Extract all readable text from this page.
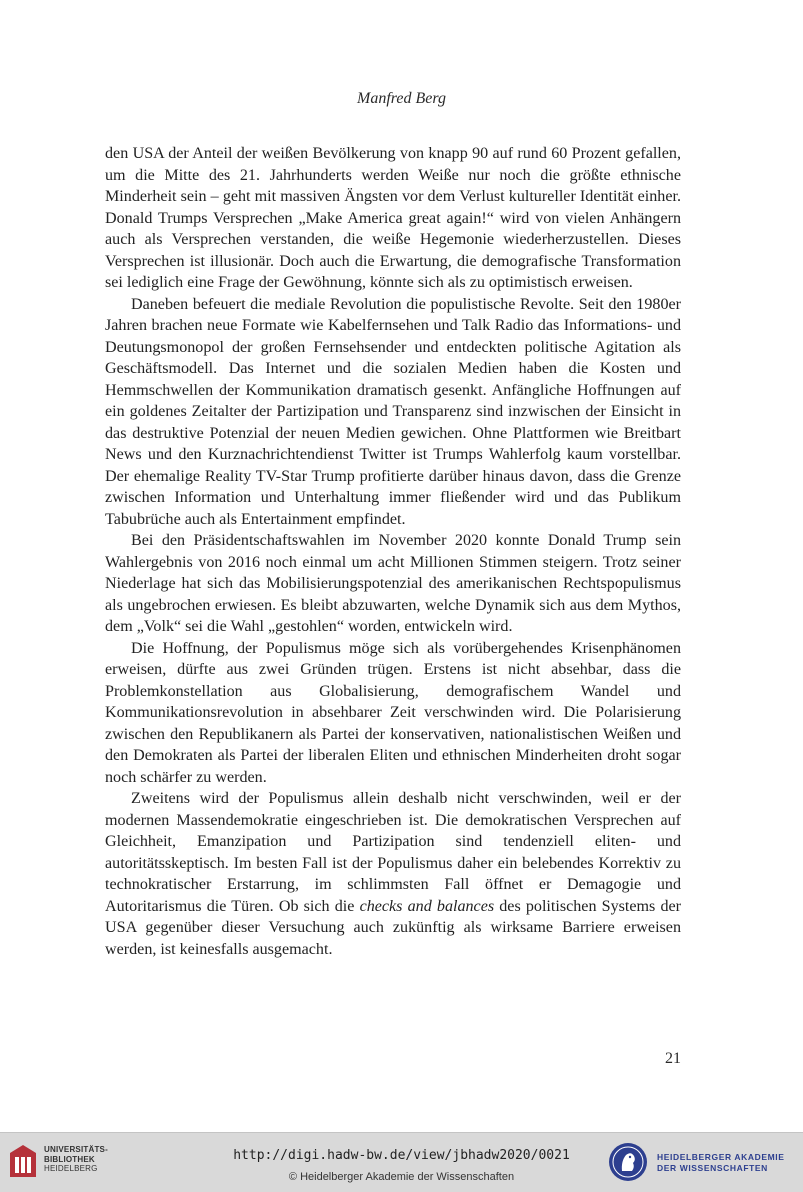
Manfred Berg

den USA der Anteil der weißen Bevölkerung von knapp 90 auf rund 60 Prozent gefallen, um die Mitte des 21. Jahrhunderts werden Weiße nur noch die größte ethnische Minderheit sein – geht mit massiven Ängsten vor dem Verlust kultureller Identität einher. Donald Trumps Versprechen „Make America great again!“ wird von vielen Anhängern auch als Versprechen verstanden, die weiße Hegemonie wiederherzustellen. Dieses Versprechen ist illusionär. Doch auch die Erwartung, die demografische Transformation sei lediglich eine Frage der Gewöhnung, könnte sich als zu optimistisch erweisen.

Daneben befeuert die mediale Revolution die populistische Revolte. Seit den 1980er Jahren brachen neue Formate wie Kabelfernsehen und Talk Radio das Informations- und Deutungsmonopol der großen Fernsehsender und entdeckten politische Agitation als Geschäftsmodell. Das Internet und die sozialen Medien haben die Kosten und Hemmschwellen der Kommunikation dramatisch gesenkt. Anfängliche Hoffnungen auf ein goldenes Zeitalter der Partizipation und Transparenz sind inzwischen der Einsicht in das destruktive Potenzial der neuen Medien gewichen. Ohne Plattformen wie Breitbart News und den Kurznachrichtendienst Twitter ist Trumps Wahlerfolg kaum vorstellbar. Der ehemalige Reality TV-Star Trump profitierte darüber hinaus davon, dass die Grenze zwischen Information und Unterhaltung immer fließender wird und das Publikum Tabubrüche auch als Entertainment empfindet.

Bei den Präsidentschaftswahlen im November 2020 konnte Donald Trump sein Wahlergebnis von 2016 noch einmal um acht Millionen Stimmen steigern. Trotz seiner Niederlage hat sich das Mobilisierungspotenzial des amerikanischen Rechtspopulismus als ungebrochen erwiesen. Es bleibt abzuwarten, welche Dynamik sich aus dem Mythos, dem „Volk“ sei die Wahl „gestohlen“ worden, entwickeln wird.

Die Hoffnung, der Populismus möge sich als vorübergehendes Krisenphänomen erweisen, dürfte aus zwei Gründen trügen. Erstens ist nicht absehbar, dass die Problemkonstellation aus Globalisierung, demografischem Wandel und Kommunikationsrevolution in absehbarer Zeit verschwinden wird. Die Polarisierung zwischen den Republikanern als Partei der konservativen, nationalistischen Weißen und den Demokraten als Partei der liberalen Eliten und ethnischen Minderheiten droht sogar noch schärfer zu werden.

Zweitens wird der Populismus allein deshalb nicht verschwinden, weil er der modernen Massendemokratie eingeschrieben ist. Die demokratischen Versprechen auf Gleichheit, Emanzipation und Partizipation sind tendenziell eliten- und autoritätsskeptisch. Im besten Fall ist der Populismus daher ein belebendes Korrektiv zu technokratischer Erstarrung, im schlimmsten Fall öffnet er Demagogie und Autoritarismus die Türen. Ob sich die checks and balances des politischen Systems der USA gegenüber dieser Versuchung auch zukünftig als wirksame Barriere erweisen werden, ist keinesfalls ausgemacht.

21
UNIVERSITÄTS-
BIBLIOTHEK
HEIDELBERG
http://digi.hadw-bw.de/view/jbhadw2020/0021
© Heidelberger Akademie der Wissenschaften
HEIDELBERGER AKADEMIE
DER WISSENSCHAFTEN
